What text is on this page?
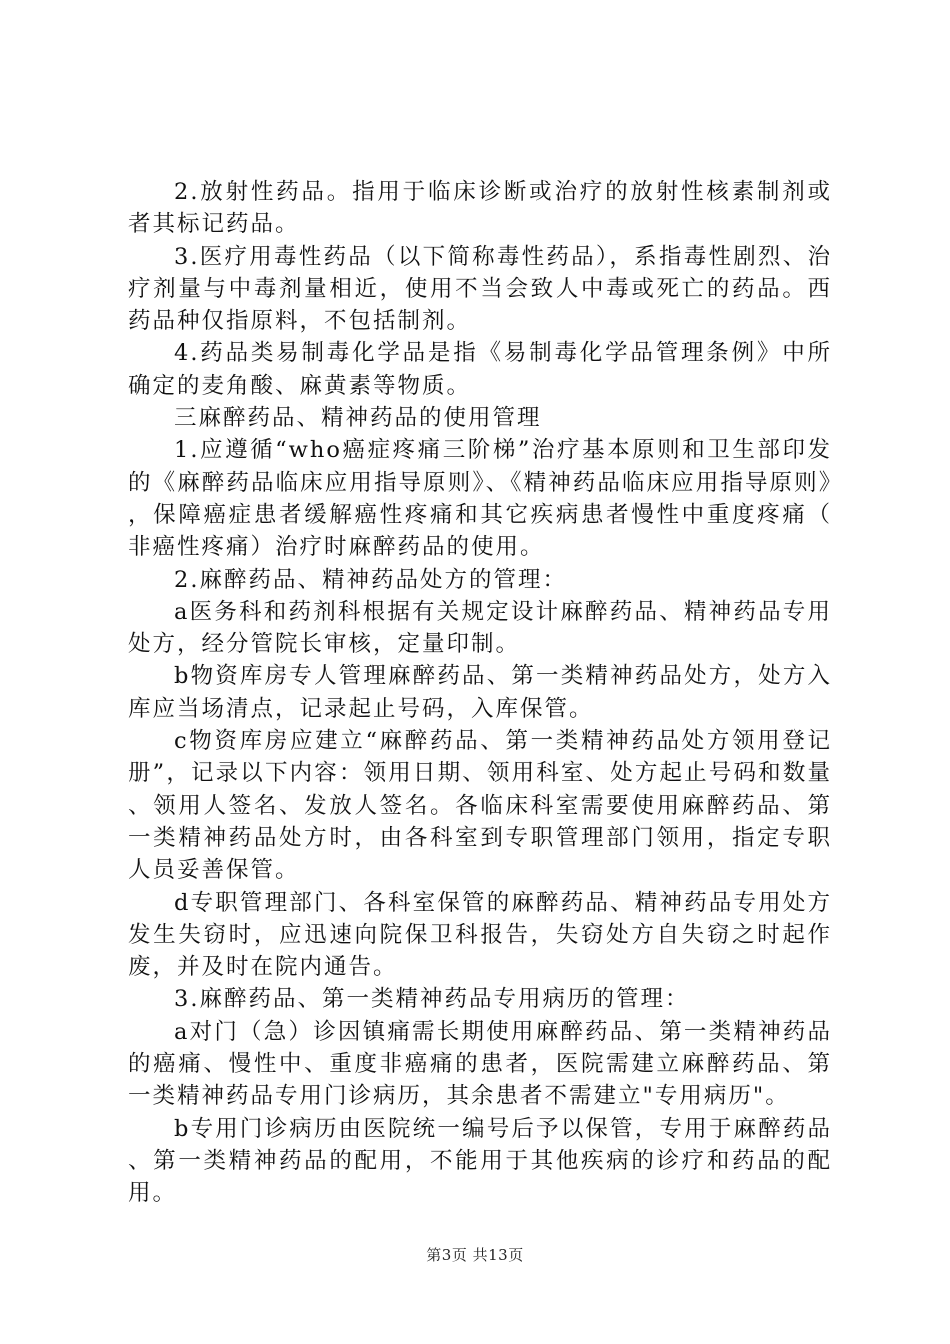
2.放射性药品。指用于临床诊断或治疗的放射性核素制剂或者其标记药品。

3.医疗用毒性药品（以下简称毒性药品），系指毒性剧烈、治疗剂量与中毒剂量相近，使用不当会致人中毒或死亡的药品。西药品种仅指原料，不包括制剂。

4.药品类易制毒化学品是指《易制毒化学品管理条例》中所确定的麦角酸、麻黄素等物质。

三麻醉药品、精神药品的使用管理

1.应遵循“who癌症疼痛三阶梯”治疗基本原则和卫生部印发的《麻醉药品临床应用指导原则》、《精神药品临床应用指导原则》，保障癌症患者缓解癌性疼痛和其它疾病患者慢性中重度疼痛（非癌性疼痛）治疗时麻醉药品的使用。

2.麻醉药品、精神药品处方的管理：

a医务科和药剂科根据有关规定设计麻醉药品、精神药品专用处方，经分管院长审核，定量印制。

b物资库房专人管理麻醉药品、第一类精神药品处方，处方入库应当场清点，记录起止号码，入库保管。

c物资库房应建立“麻醉药品、第一类精神药品处方领用登记册”，记录以下内容：领用日期、领用科室、处方起止号码和数量、领用人签名、发放人签名。各临床科室需要使用麻醉药品、第一类精神药品处方时，由各科室到专职管理部门领用，指定专职人员妥善保管。

d专职管理部门、各科室保管的麻醉药品、精神药品专用处方发生失窃时，应迅速向院保卫科报告，失窃处方自失窃之时起作废，并及时在院内通告。

3.麻醉药品、第一类精神药品专用病历的管理：

a对门（急）诊因镇痛需长期使用麻醉药品、第一类精神药品的癌痛、慢性中、重度非癌痛的患者，医院需建立麻醉药品、第一类精神药品专用门诊病历，其余患者不需建立"专用病历"。

b专用门诊病历由医院统一编号后予以保管，专用于麻醉药品、第一类精神药品的配用，不能用于其他疾病的诊疗和药品的配用。

第3页 共13页
